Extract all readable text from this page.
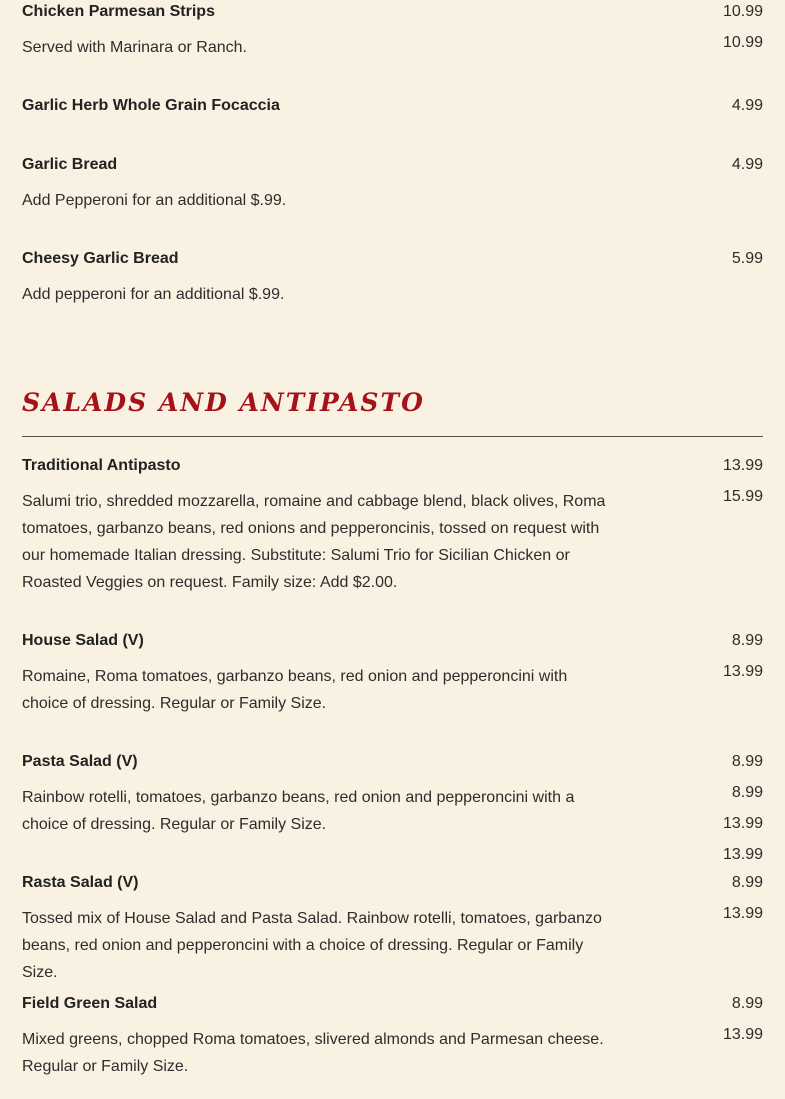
Chicken Parmesan Strips	10.99

10.99

Served with Marinara or Ranch.

Garlic Herb Whole Grain Focaccia	4.99

Garlic Bread	4.99

Add Pepperoni for an additional $.99.

Cheesy Garlic Bread	5.99

Add pepperoni for an additional $.99.

SALADS AND ANTIPASTO

Traditional Antipasto	13.99

15.99

Salumi trio, shredded mozzarella, romaine and cabbage blend, black olives, Roma tomatoes, garbanzo beans, red onions and pepperoncinis, tossed on request with our homemade Italian dressing. Substitute: Salumi Trio for Sicilian Chicken or Roasted Veggies on request. Family size: Add $2.00.

House Salad (V)	8.99

13.99

Romaine, Roma tomatoes, garbanzo beans, red onion and pepperoncini with choice of dressing. Regular or Family Size.

Pasta Salad (V)	8.99

8.99

13.99

13.99

Rainbow rotelli, tomatoes, garbanzo beans, red onion and pepperoncini with a choice of dressing. Regular or Family Size.

Rasta Salad (V)	8.99

13.99

Tossed mix of House Salad and Pasta Salad. Rainbow rotelli, tomatoes, garbanzo beans, red onion and pepperoncini with a choice of dressing. Regular or Family Size.

Field Green Salad	8.99

13.99

Mixed greens, chopped Roma tomatoes, slivered almonds and Parmesan cheese. Regular or Family Size.
